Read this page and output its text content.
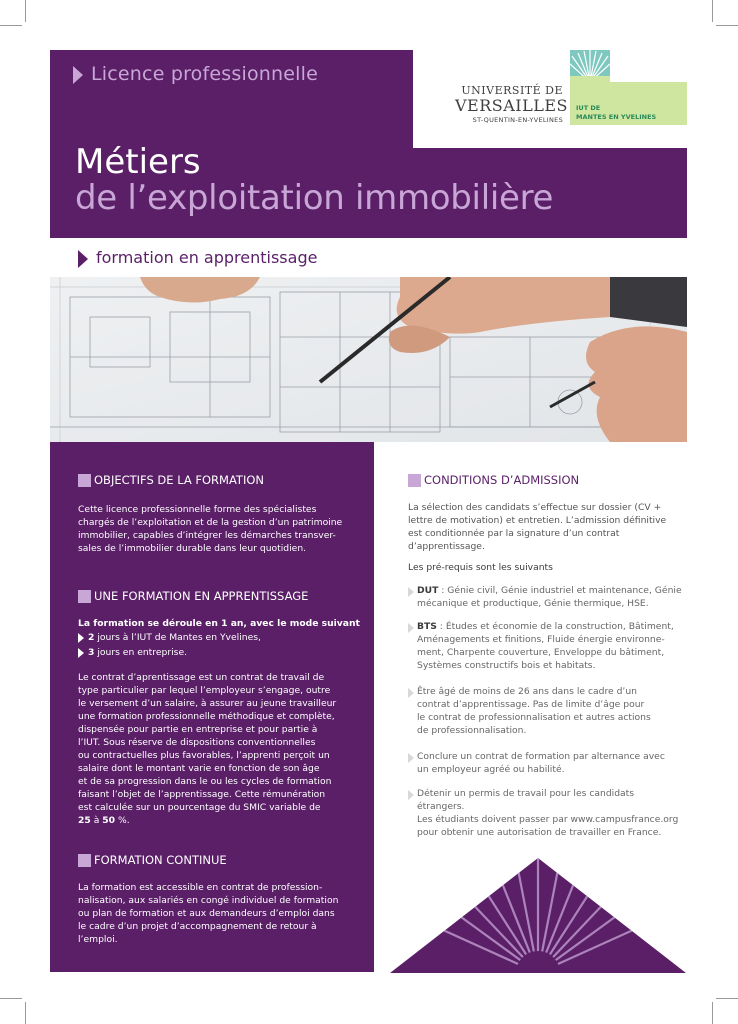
Licence professionnelle
Métiers
de l’exploitation immobilière
UNIVERSITÉ DE
VERSAILLES
ST-QUENTIN-EN-YVELINES
IUT DE
MANTES EN YVELINES
formation en apprentissage
OBJECTIFS DE LA FORMATION
Cette licence professionnelle forme des spécialistes
chargés de l’exploitation et de la gestion d’un patrimoine
immobilier, capables d’intégrer les démarches transver-
sales de l’immobilier durable dans leur quotidien.
UNE FORMATION EN APPRENTISSAGE
La formation se déroule en 1 an, avec le mode suivant
2 jours à l’IUT de Mantes en Yvelines,
3 jours en entreprise.
Le contrat d’aprentissage est un contrat de travail de
type particulier par lequel l’employeur s’engage, outre
le versement d’un salaire, à assurer au jeune travailleur
une formation professionnelle méthodique et complète,
dispensée pour partie en entreprise et pour partie à
l’IUT. Sous réserve de dispositions conventionnelles
ou contractuelles plus favorables, l’apprenti perçoit un
salaire dont le montant varie en fonction de son âge
et de sa progression dans le ou les cycles de formation
faisant l’objet de l’apprentissage. Cette rémunération
est calculée sur un pourcentage du SMIC variable de
25 à 50 %.
FORMATION CONTINUE
La formation est accessible en contrat de profession-
nalisation, aux salariés en congé individuel de formation
ou plan de formation et aux demandeurs d’emploi dans
le cadre d’un projet d’accompagnement de retour à
l’emploi.
CONDITIONS D’ADMISSION
La sélection des candidats s’effectue sur dossier (CV +
lettre de motivation) et entretien. L’admission définitive
est conditionnée par la signature d’un contrat
d’apprentissage.
Les pré-requis sont les suivants
DUT : Génie civil, Génie industriel et maintenance, Génie
mécanique et productique, Génie thermique, HSE.
BTS : Études et économie de la construction, Bâtiment,
Aménagements et finitions, Fluide énergie environne-
ment, Charpente couverture, Enveloppe du bâtiment,
Systèmes constructifs bois et habitats.
Être âgé de moins de 26 ans dans le cadre d’un
contrat d’apprentissage. Pas de limite d’âge pour
le contrat de professionnalisation et autres actions
de professionnalisation.
Conclure un contrat de formation par alternance avec
un employeur agréé ou habilité.
Détenir un permis de travail pour les candidats étrangers.
Les étudiants doivent passer par www.campusfrance.org
pour obtenir une autorisation de travailler en France.
